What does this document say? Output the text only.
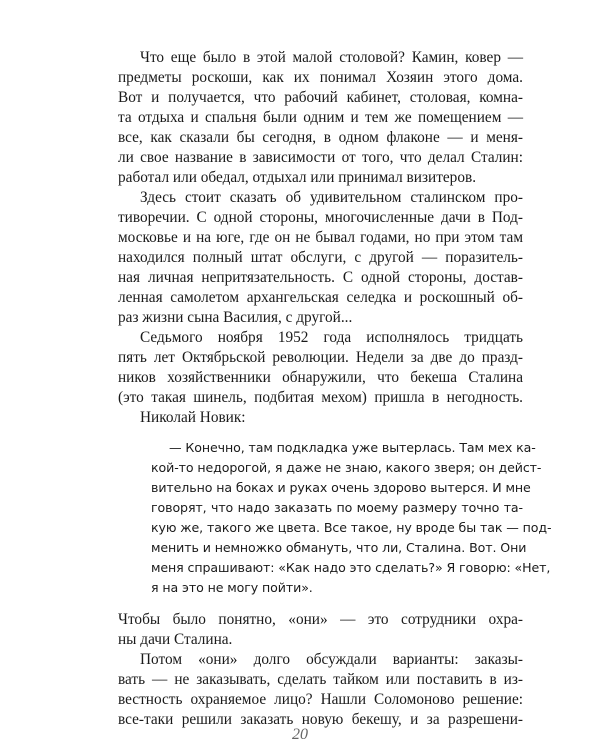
Что еще было в этой малой столовой? Камин, ковер —
предметы роскоши, как их понимал Хозяин этого дома.
Вот и получается, что рабочий кабинет, столовая, комна-
та отдыха и спальня были одним и тем же помещением —
все, как сказали бы сегодня, в одном флаконе — и меня-
ли свое название в зависимости от того, что делал Сталин:
работал или обедал, отдыхал или принимал визитеров.
Здесь стоит сказать об удивительном сталинском про-
тиворечии. С одной стороны, многочисленные дачи в Под-
московье и на юге, где он не бывал годами, но при этом там
находился полный штат обслуги, с другой — поразитель-
ная личная непритязательность. С одной стороны, достав-
ленная самолетом архангельская селедка и роскошный об-
раз жизни сына Василия, с другой...
Седьмого ноября 1952 года исполнялось тридцать
пять лет Октябрьской революции. Недели за две до празд-
ников хозяйственники обнаружили, что бекеша Сталина
(это такая шинель, подбитая мехом) пришла в негодность.
Николай Новик:
— Конечно, там подкладка уже вытерлась. Там мех ка-
кой-то недорогой, я даже не знаю, какого зверя; он дейст-
вительно на боках и руках очень здорово вытерся. И мне
говорят, что надо заказать по моему размеру точно та-
кую же, такого же цвета. Все такое, ну вроде бы так — под-
менить и немножко обмануть, что ли, Сталина. Вот. Они
меня спрашивают: «Как надо это сделать?» Я говорю: «Нет,
я на это не могу пойти».
Чтобы было понятно, «они» — это сотрудники охра-
ны дачи Сталина.
Потом «они» долго обсуждали варианты: заказы-
вать — не заказывать, сделать тайком или поставить в из-
вестность охраняемое лицо? Нашли Соломоново решение:
все-таки решили заказать новую бекешу, и за разрешени-
20
